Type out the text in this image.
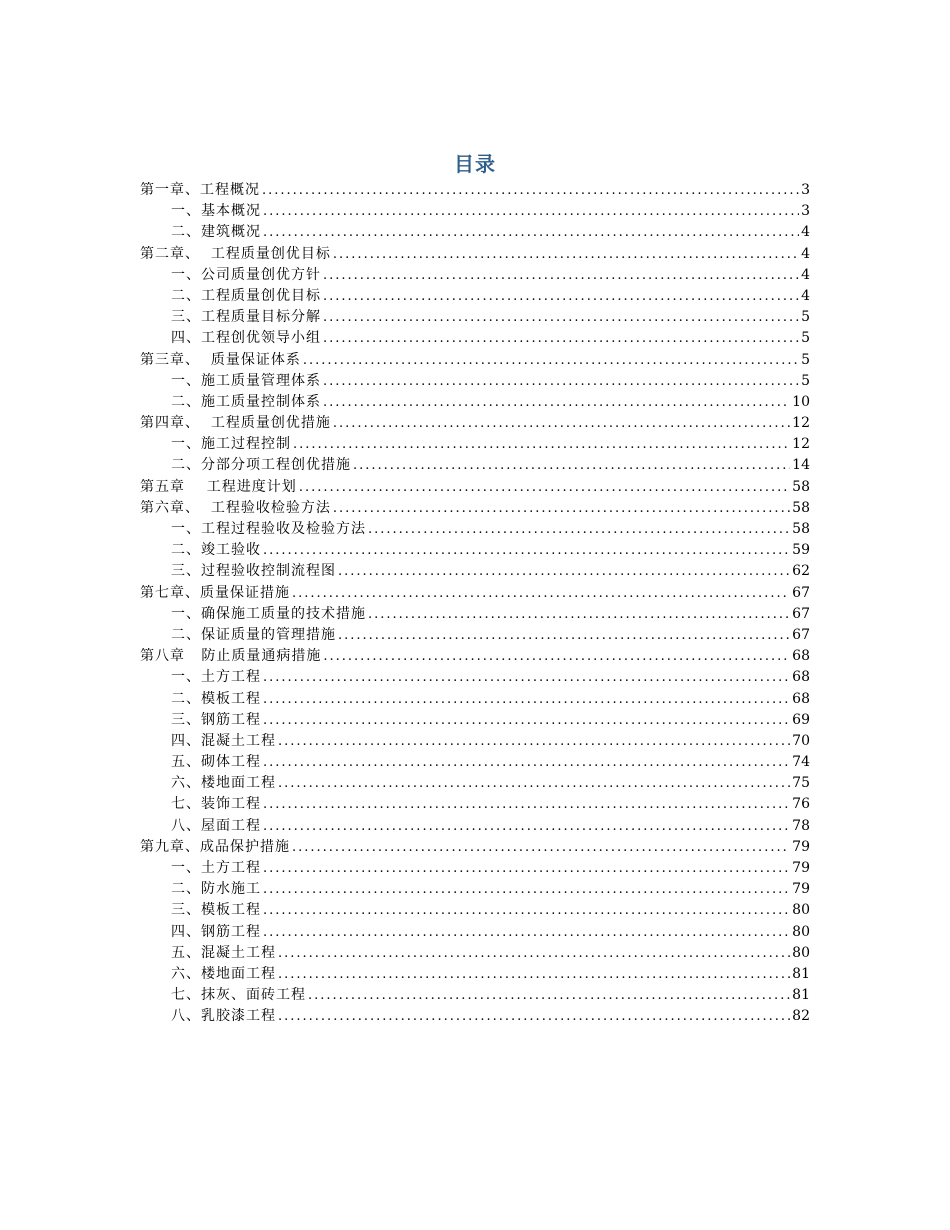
目录
第一章、工程概况 .....	3
一、基本概况 .....	3
二、建筑概况 .....	4
第二章、  工程质量创优目标 .....	4
一、公司质量创优方针 .....	4
二、工程质量创优目标 .....	4
三、工程质量目标分解 .....	5
四、工程创优领导小组 .....	5
第三章、  质量保证体系 .....	5
一、施工质量管理体系 .....	5
二、施工质量控制体系 .....	10
第四章、  工程质量创优措施 .....	12
一、施工过程控制 .....	12
二、分部分项工程创优措施 .....	14
第五章    工程进度计划 .....	58
第六章、  工程验收检验方法 .....	58
一、工程过程验收及检验方法 .....	58
二、竣工验收 .....	59
三、过程验收控制流程图 .....	62
第七章、质量保证措施 .....	67
一、确保施工质量的技术措施 .....	67
二、保证质量的管理措施 .....	67
第八章   防止质量通病措施 .....	68
一、土方工程 .....	68
二、模板工程 .....	68
三、钢筋工程 .....	69
四、混凝土工程 .....	70
五、砌体工程 .....	74
六、楼地面工程 .....	75
七、装饰工程 .....	76
八、屋面工程 .....	78
第九章、成品保护措施 .....	79
一、土方工程 .....	79
二、防水施工 .....	79
三、模板工程 .....	80
四、钢筋工程 .....	80
五、混凝土工程 .....	80
六、楼地面工程 .....	81
七、抹灰、面砖工程 .....	81
八、乳胶漆工程 .....	82
